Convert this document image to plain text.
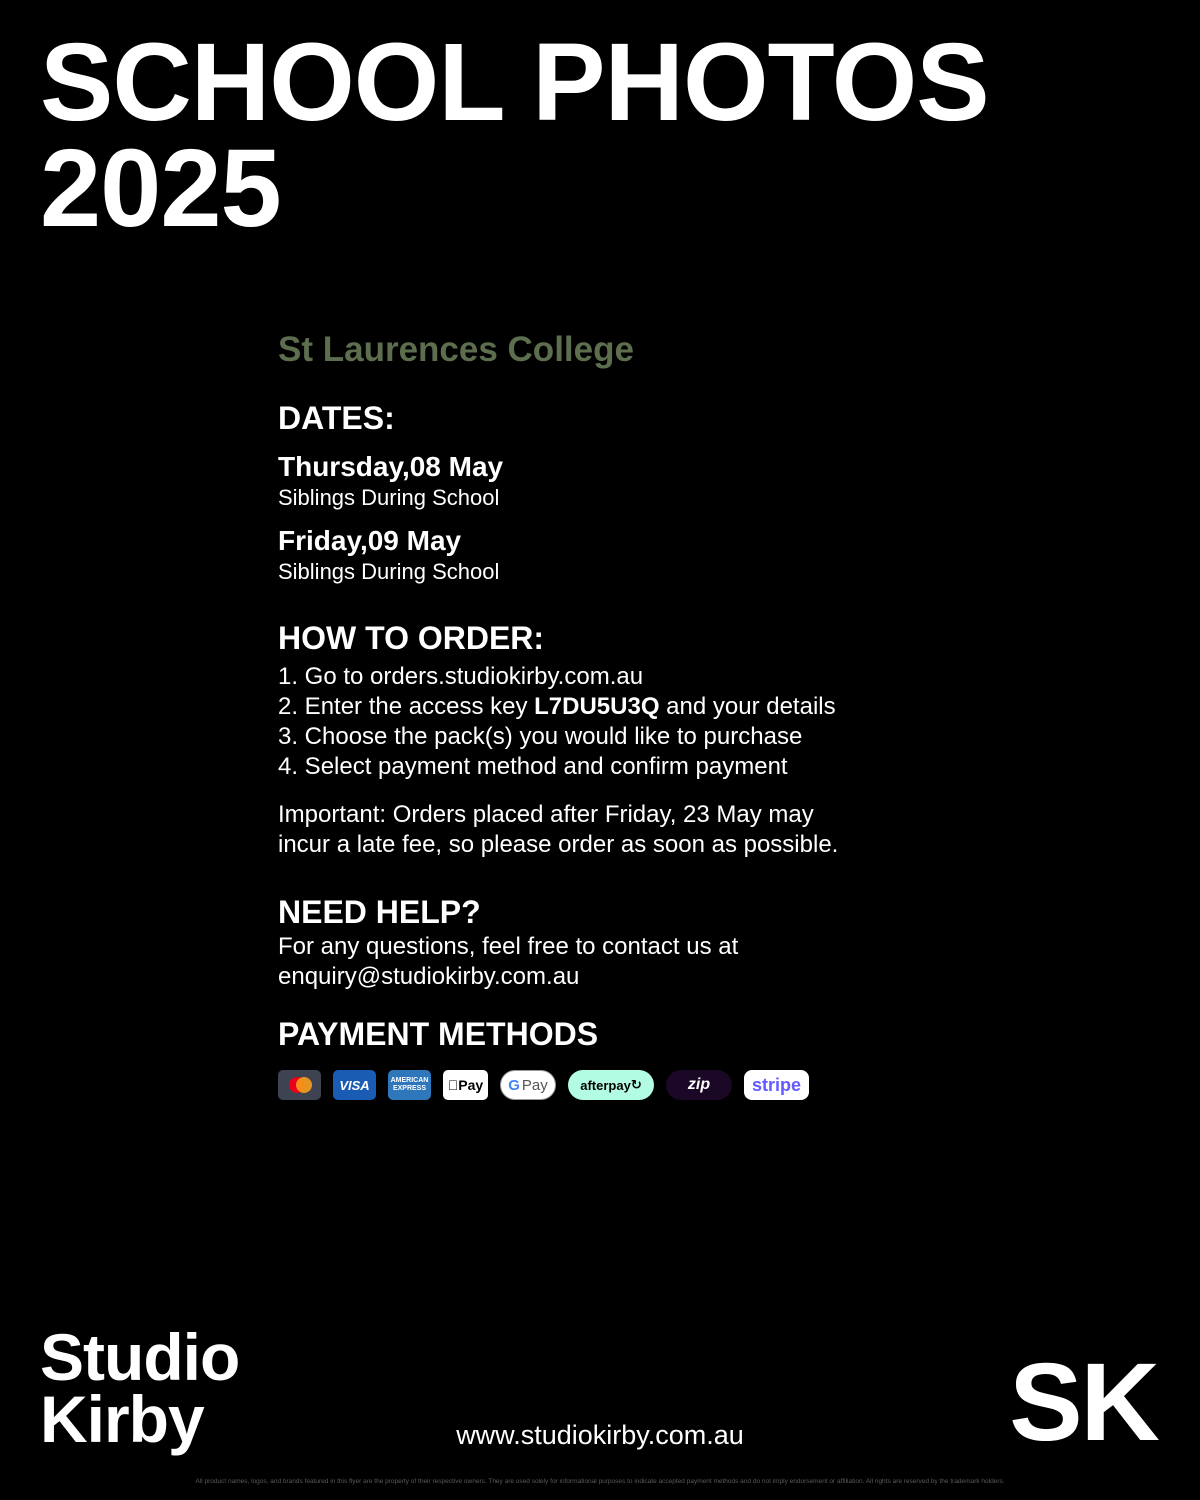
SCHOOL PHOTOS
2025
St Laurences College
DATES:
Thursday,08 May
Siblings During School
Friday,09 May
Siblings During School
HOW TO ORDER:
1. Go to orders.studiokirby.com.au
2. Enter the access key L7DU5U3Q and your details
3. Choose the pack(s) you would like to purchase
4. Select payment method and confirm payment
Important: Orders placed after Friday, 23 May may
incur a late fee, so please order as soon as possible.
NEED HELP?
For any questions, feel free to contact us at
enquiry@studiokirby.com.au
PAYMENT METHODS
VISA	AMERICAN EXPRESS	Pay G Pay afterpay ↻	zip	stripe
Studio
Kirby	www.studiokirby.com.au	SK
All product names, logos, and brands featured in this flyer are the property of their respective owners. They are used solely for informational purposes to indicate accepted payment methods and do not imply endorsement or affiliation. All rights are reserved by the trademark holders.
